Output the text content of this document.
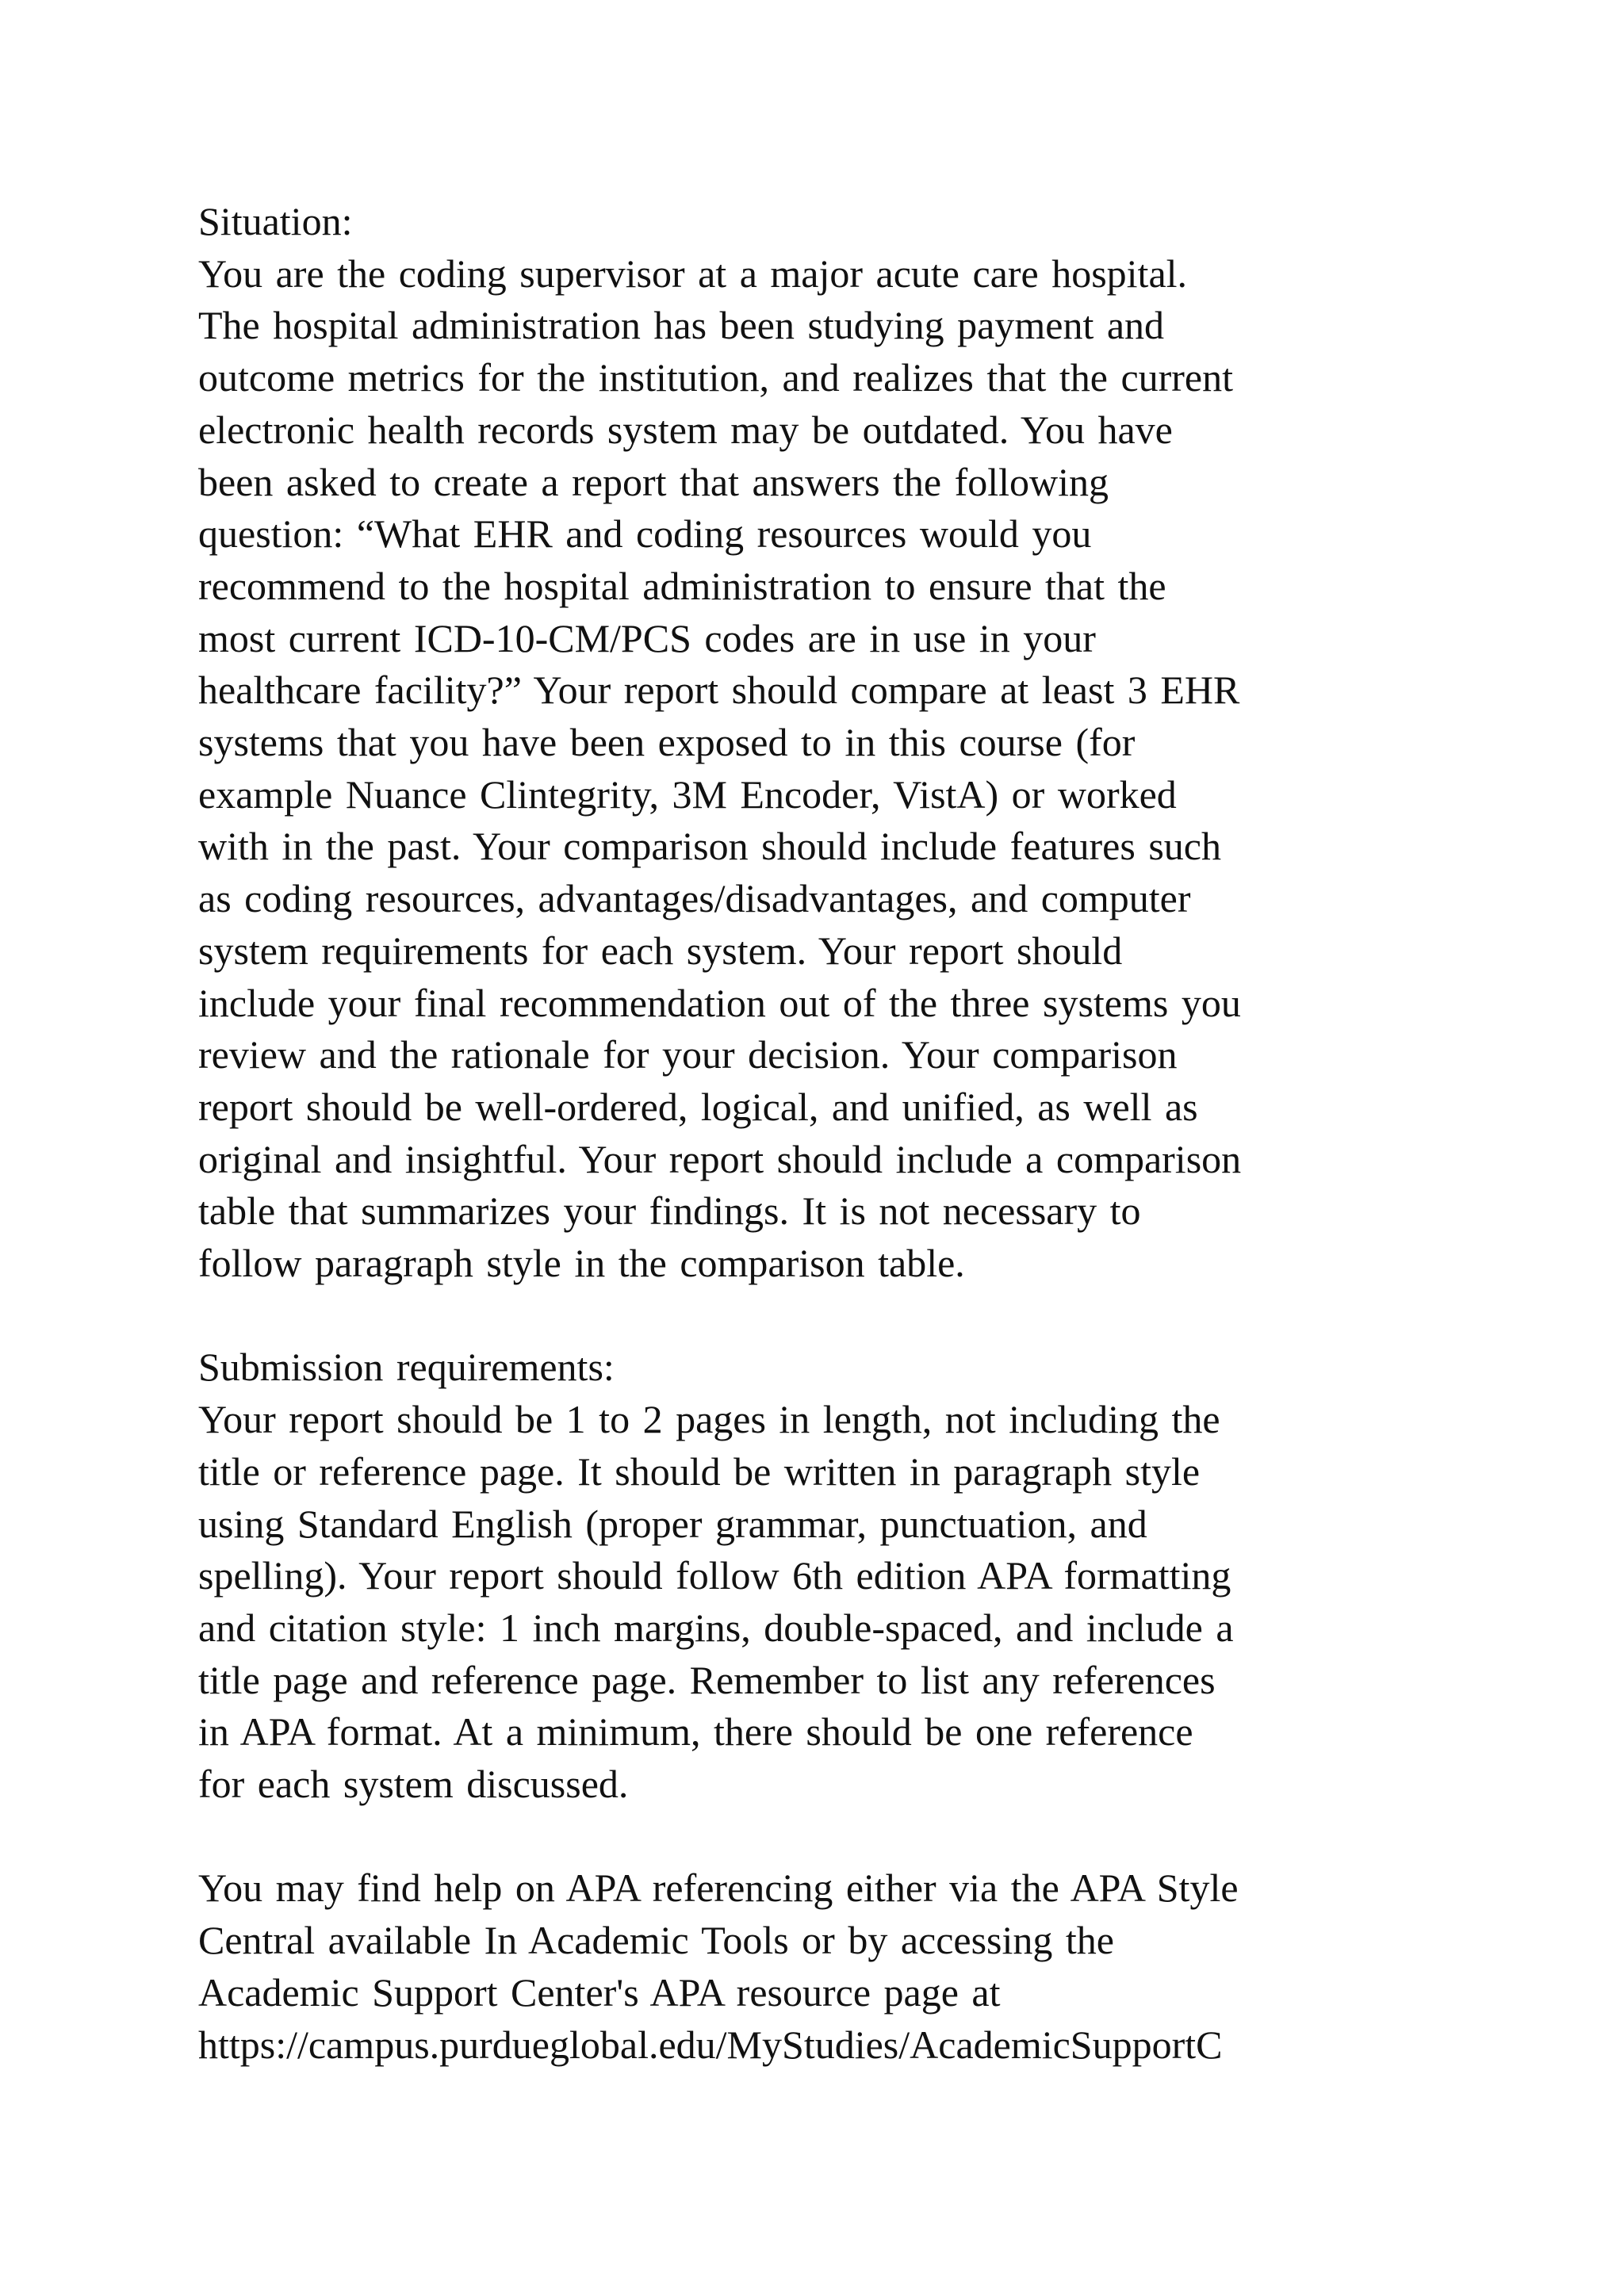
Situation:
You are the coding supervisor at a major acute care hospital.
The hospital administration has been studying payment and
outcome metrics for the institution, and realizes that the current
electronic health records system may be outdated. You have
been asked to create a report that answers the following
question: “What EHR and coding resources would you
recommend to the hospital administration to ensure that the
most current ICD-10-CM/PCS codes are in use in your
healthcare facility?” Your report should compare at least 3 EHR
systems that you have been exposed to in this course (for
example Nuance Clintegrity, 3M Encoder, VistA) or worked
with in the past. Your comparison should include features such
as coding resources, advantages/disadvantages, and computer
system requirements for each system. Your report should
include your final recommendation out of the three systems you
review and the rationale for your decision. Your comparison
report should be well-ordered, logical, and unified, as well as
original and insightful. Your report should include a comparison
table that summarizes your findings. It is not necessary to
follow paragraph style in the comparison table.
Submission requirements:
Your report should be 1 to 2 pages in length, not including the
title or reference page. It should be written in paragraph style
using Standard English (proper grammar, punctuation, and
spelling). Your report should follow 6th edition APA formatting
and citation style: 1 inch margins, double-spaced, and include a
title page and reference page. Remember to list any references
in APA format. At a minimum, there should be one reference
for each system discussed.
You may find help on APA referencing either via the APA Style
Central available In Academic Tools or by accessing the
Academic Support Center's APA resource page at
https://campus.purdueglobal.edu/MyStudies/AcademicSupportC
